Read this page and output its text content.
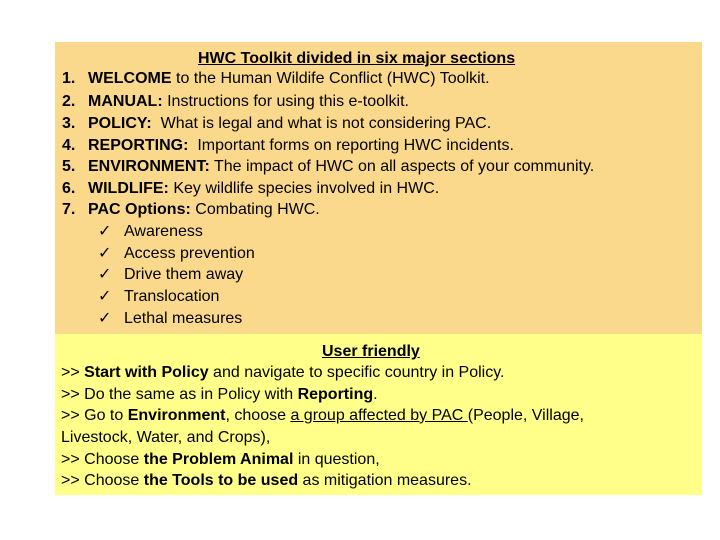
HWC Toolkit divided in six major sections
1. WELCOME to the Human Wildife Conflict (HWC) Toolkit.
2. MANUAL: Instructions for using this e-toolkit.
3. POLICY:  What is legal and what is not considering PAC.
4. REPORTING:  Important forms on reporting HWC incidents.
5. ENVIRONMENT: The impact of HWC on all aspects of your community.
6. WILDLIFE: Key wildlife species involved in HWC.
7. PAC Options: Combating HWC.
✓ Awareness
✓ Access prevention
✓ Drive them away
✓ Translocation
✓ Lethal measures
User friendly
>> Start with Policy and navigate to specific country in Policy.
>> Do the same as in Policy with Reporting.
>> Go to Environment, choose a group affected by PAC (People, Village,
Livestock, Water, and Crops),
>> Choose the Problem Animal in question,
>> Choose the Tools to be used as mitigation measures.
